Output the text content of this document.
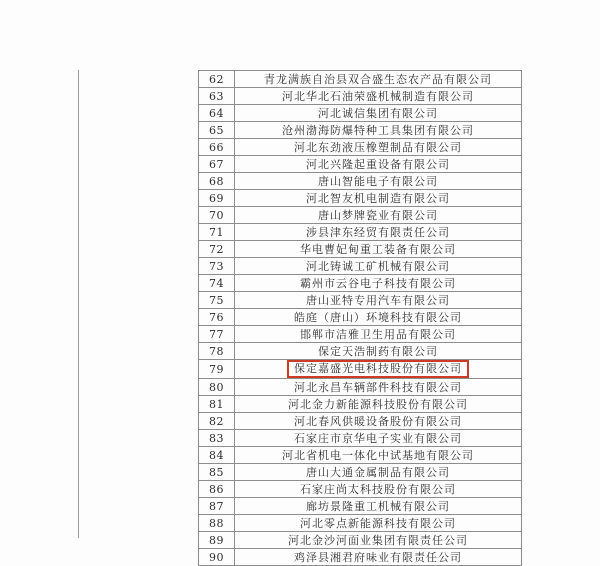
62	青龙满族自治县双合盛生态农产品有限公司
63	河北华北石油荣盛机械制造有限公司
64	河北诚信集团有限公司
65	沧州渤海防爆特种工具集团有限公司
66	河北东劲液压橡塑制品有限公司
67	河北兴隆起重设备有限公司
68	唐山智能电子有限公司
69	河北智友机电制造有限公司
70	唐山梦牌瓷业有限公司
71	涉县津东经贸有限责任公司
72	华电曹妃甸重工装备有限公司
73	河北铸诚工矿机械有限公司
74	霸州市云谷电子科技有限公司
75	唐山亚特专用汽车有限公司
76	皓庭（唐山）环境科技有限公司
77	邯郸市洁雅卫生用品有限公司
78	保定天浩制药有限公司
79	保定嘉盛光电科技股份有限公司
80	河北永昌车辆部件科技有限公司
81	河北金力新能源科技股份有限公司
82	河北春风供暖设备股份有限公司
83	石家庄市京华电子实业有限公司
84	河北省机电一体化中试基地有限公司
85	唐山大通金属制品有限公司
86	石家庄尚太科技股份有限公司
87	廊坊景隆重工机械有限公司
88	河北零点新能源科技有限公司
89	河北金沙河面业集团有限责任公司
90	鸡泽县湘君府味业有限责任公司
